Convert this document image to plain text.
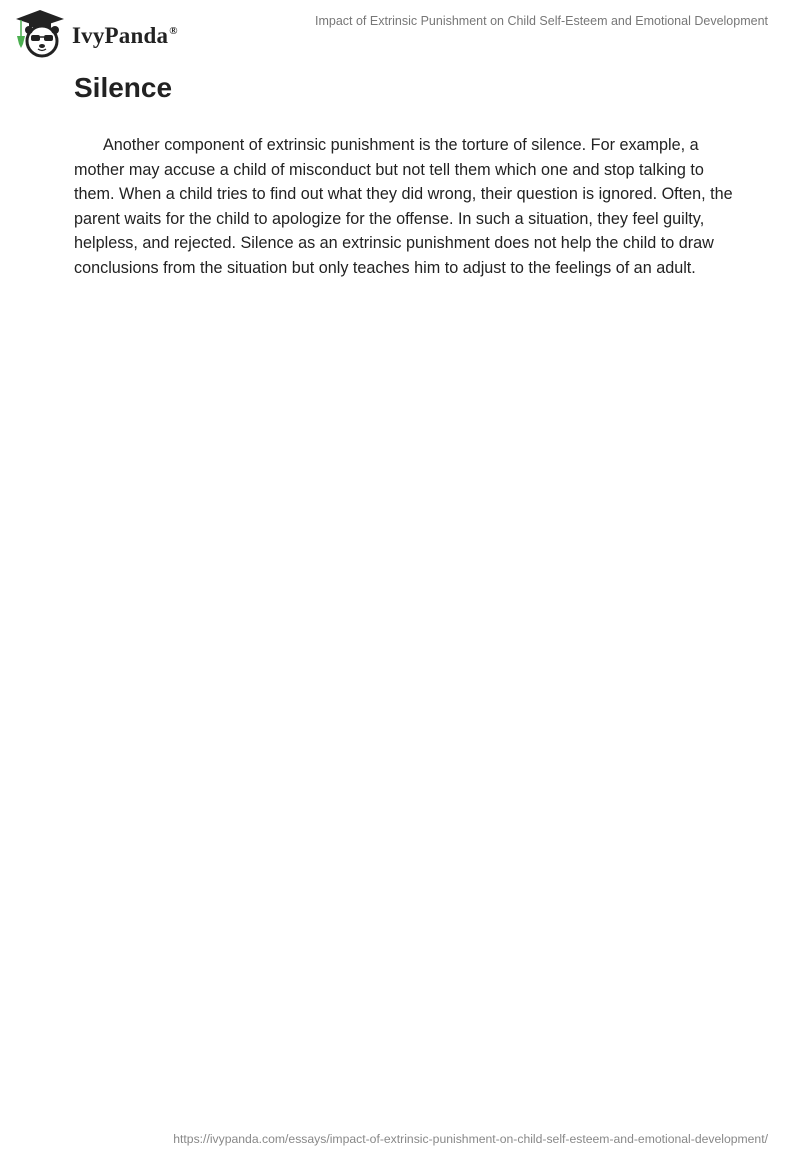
IvyPanda®
Impact of Extrinsic Punishment on Child Self-Esteem and Emotional Development
Silence

Another component of extrinsic punishment is the torture of silence. For example, a mother may accuse a child of misconduct but not tell them which one and stop talking to them. When a child tries to find out what they did wrong, their question is ignored. Often, the parent waits for the child to apologize for the offense. In such a situation, they feel guilty, helpless, and rejected. Silence as an extrinsic punishment does not help the child to draw conclusions from the situation but only teaches him to adjust to the feelings of an adult.

https://ivypanda.com/essays/impact-of-extrinsic-punishment-on-child-self-esteem-and-emotional-development/
